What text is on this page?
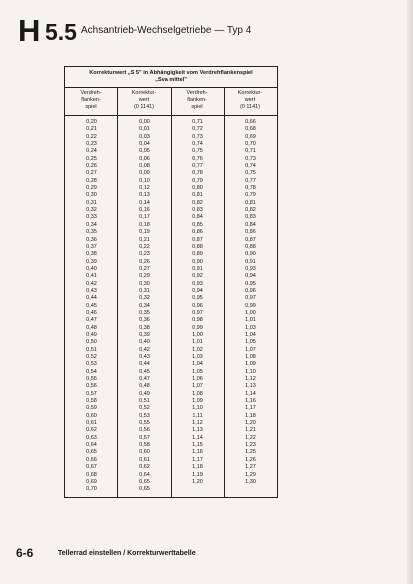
H 5.5 Achsantrieb-Wechselgetriebe — Typ 4
Korrekturwert „S 5" in Abhängigkeit vom Verdrehflankenspiel
„Sva mittel"
Verdreh-
flanken-
spiel
Korrektur-
wert
(0 1141)
Verdreh-
flanken-
spiel
Korrektur-
wert
(0 1141)
0,20
0,21
0,22
0,23
0,24
0,25
0,26
0,27
0,28
0,29
0,30
0,31
0,32
0,33
0,34
0,35
0,36
0,37
0,38
0,39
0,40
0,41
0,42
0,43
0,44
0,45
0,46
0,47
0,48
0,49
0,50
0,51
0,52
0,53
0,54
0,55
0,56
0,57
0,58
0,59
0,60
0,61
0,62
0,63
0,64
0,65
0,66
0,67
0,68
0,69
0,70
0,00
0,01
0,03
0,04
0,05
0,06
0,08
0,09
0,10
0,12
0,13
0,14
0,16
0,17
0,18
0,19
0,21
0,22
0,23
0,26
0,27
0,29
0,30
0,31
0,32
0,34
0,35
0,36
0,38
0,39
0,40
0,42
0,43
0,44
0,45
0,47
0,48
0,49
0,51
0,52
0,53
0,55
0,56
0,57
0,58
0,60
0,61
0,62
0,64
0,65
0,65
0,71
0,72
0,73
0,74
0,75
0,76
0,77
0,78
0,79
0,80
0,81
0,82
0,83
0,84
0,85
0,86
0,87
0,88
0,89
0,90
0,91
0,92
0,93
0,94
0,95
0,96
0,97
0,98
0,99
1,00
1,01
1,02
1,03
1,04
1,05
1,06
1,07
1,08
1,09
1,10
1,11
1,12
1,13
1,14
1,15
1,16
1,17
1,18
1,19
1,20
0,66
0,68
0,69
0,70
0,71
0,73
0,74
0,75
0,77
0,78
0,79
0,81
0,82
0,83
0,84
0,86
0,87
0,88
0,90
0,91
0,93
0,94
0,95
0,96
0,97
0,99
1,00
1,01
1,03
1,04
1,05
1,07
1,08
1,09
1,10
1,12
1,13
1,14
1,16
1,17
1,18
1,20
1,21
1,22
1,23
1,25
1,26
1,27
1,29
1,30
6-6	Tellerrad einstellen / Korrekturwerttabelle
